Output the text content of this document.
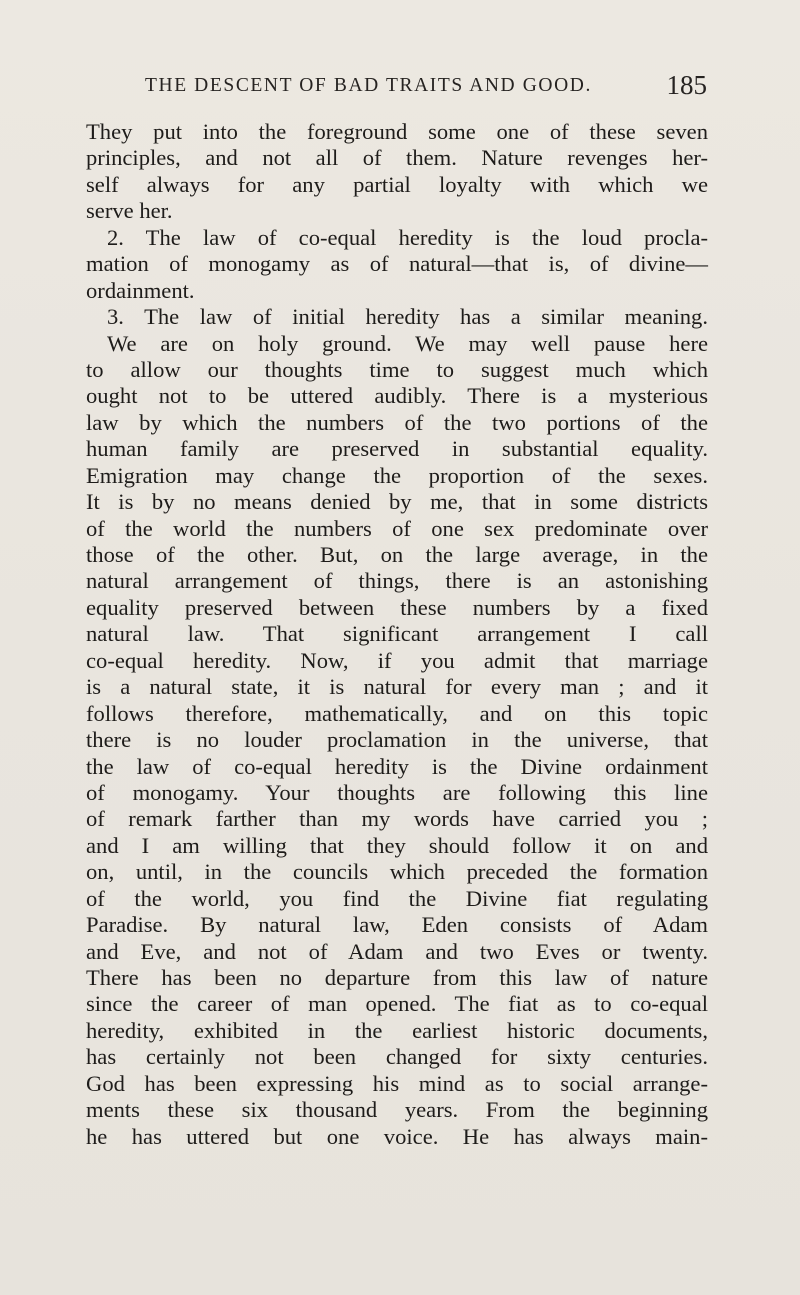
THE DESCENT OF BAD TRAITS AND GOOD.	185
They put into the foreground some one of these seven
principles, and not all of them. Nature revenges her-
self always for any partial loyalty with which we
serve her.
2. The law of co-equal heredity is the loud procla-
mation of monogamy as of natural—that is, of divine—
ordainment.
3. The law of initial heredity has a similar meaning.
We are on holy ground. We may well pause here
to allow our thoughts time to suggest much which
ought not to be uttered audibly. There is a mysterious
law by which the numbers of the two portions of the
human family are preserved in substantial equality.
Emigration may change the proportion of the sexes.
It is by no means denied by me, that in some districts
of the world the numbers of one sex predominate over
those of the other. But, on the large average, in the
natural arrangement of things, there is an astonishing
equality preserved between these numbers by a fixed
natural law. That significant arrangement I call
co-equal heredity. Now, if you admit that marriage
is a natural state, it is natural for every man ; and it
follows therefore, mathematically, and on this topic
there is no louder proclamation in the universe, that
the law of co-equal heredity is the Divine ordainment
of monogamy. Your thoughts are following this line
of remark farther than my words have carried you ;
and I am willing that they should follow it on and
on, until, in the councils which preceded the formation
of the world, you find the Divine fiat regulating
Paradise. By natural law, Eden consists of Adam
and Eve, and not of Adam and two Eves or twenty.
There has been no departure from this law of nature
since the career of man opened. The fiat as to co-equal
heredity, exhibited in the earliest historic documents,
has certainly not been changed for sixty centuries.
God has been expressing his mind as to social arrange-
ments these six thousand years. From the beginning
he has uttered but one voice. He has always main-
